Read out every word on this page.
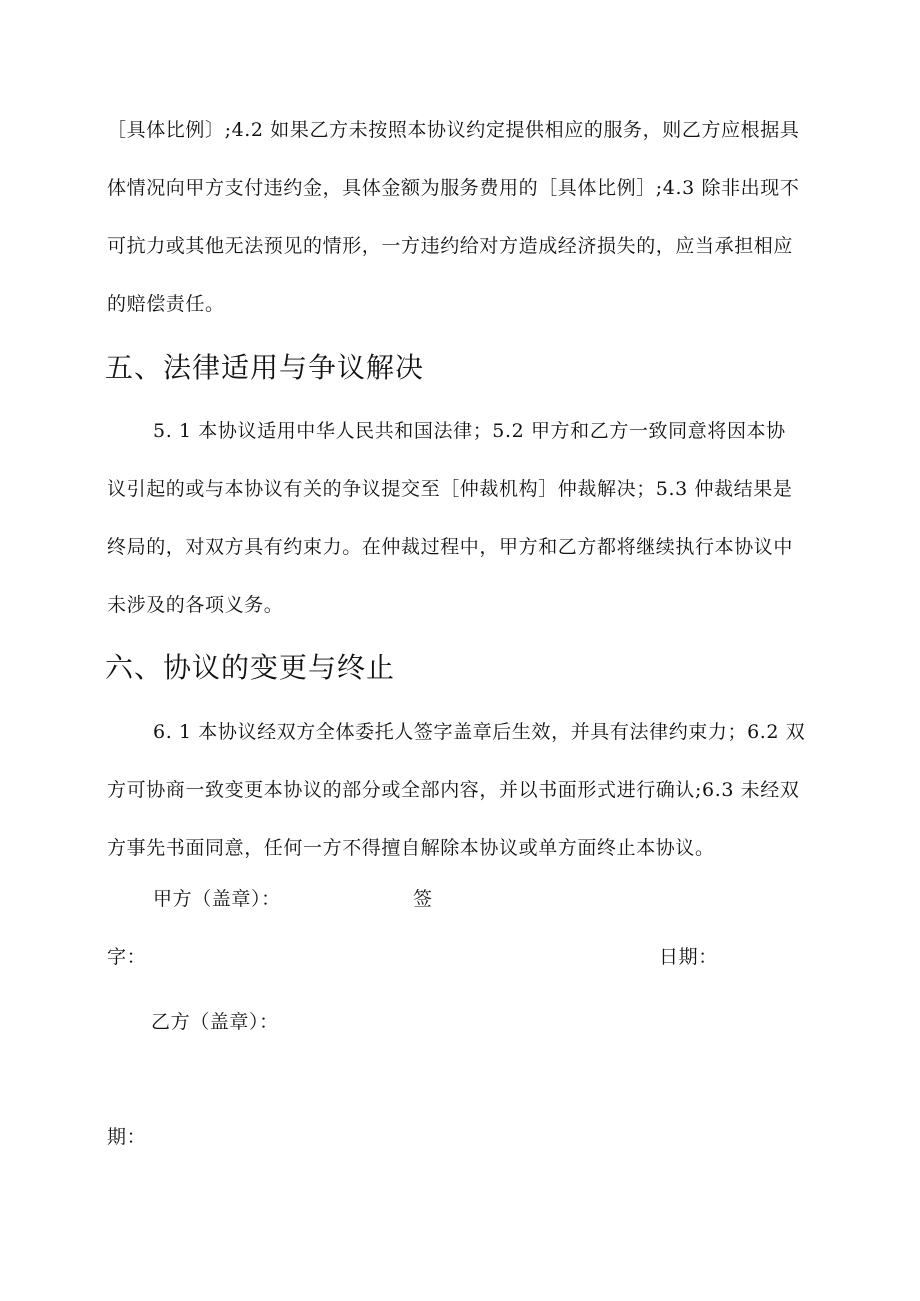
［具体比例〕;4.2 如果乙方未按照本协议约定提供相应的服务，则乙方应根据具
体情况向甲方支付违约金，具体金额为服务费用的［具体比例］;4.3 除非出现不
可抗力或其他无法预见的情形，一方违约给对方造成经济损失的，应当承担相应
的赔偿责任。
五、法律适用与争议解决
5. 1 本协议适用中华人民共和国法律；5.2 甲方和乙方一致同意将因本协
议引起的或与本协议有关的争议提交至［仲裁机构］仲裁解决；5.3 仲裁结果是
终局的，对双方具有约束力。在仲裁过程中，甲方和乙方都将继续执行本协议中
未涉及的各项义务。
六、协议的变更与终止
6. 1 本协议经双方全体委托人签字盖章后生效，并具有法律约束力；6.2 双
方可协商一致变更本协议的部分或全部内容，并以书面形式进行确认;6.3 未经双
方事先书面同意，任何一方不得擅自解除本协议或单方面终止本协议。
甲方（盖章）：	签
字：	日期：
乙方（盖章）：
期：
